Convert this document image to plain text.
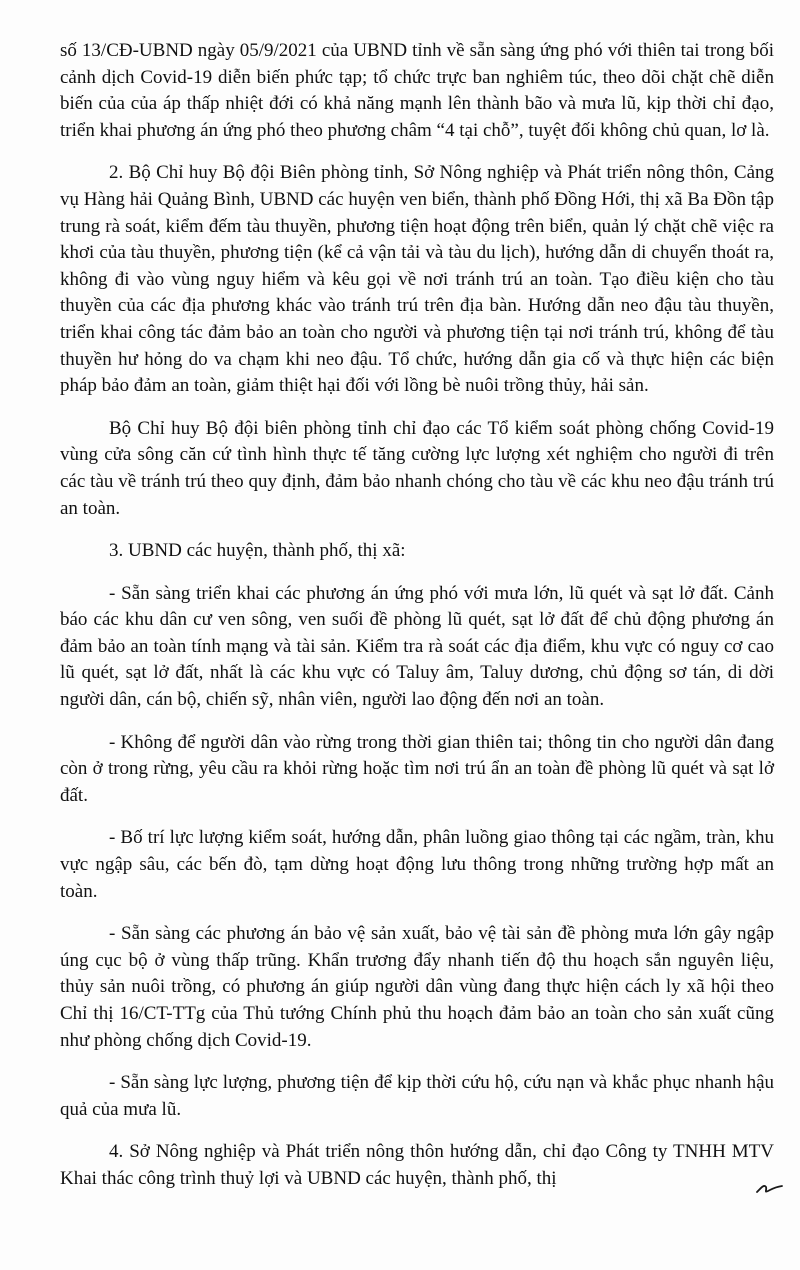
số 13/CĐ-UBND ngày 05/9/2021 của UBND tỉnh về sẵn sàng ứng phó với thiên tai trong bối cảnh dịch Covid-19 diễn biến phức tạp; tổ chức trực ban nghiêm túc, theo dõi chặt chẽ diễn biến của của áp thấp nhiệt đới có khả năng mạnh lên thành bão và mưa lũ, kịp thời chỉ đạo, triển khai phương án ứng phó theo phương châm “4 tại chỗ”, tuyệt đối không chủ quan, lơ là.

2. Bộ Chỉ huy Bộ đội Biên phòng tỉnh, Sở Nông nghiệp và Phát triển nông thôn, Cảng vụ Hàng hải Quảng Bình, UBND các huyện ven biển, thành phố Đồng Hới, thị xã Ba Đồn tập trung rà soát, kiểm đếm tàu thuyền, phương tiện hoạt động trên biển, quản lý chặt chẽ việc ra khơi của tàu thuyền, phương tiện (kể cả vận tải và tàu du lịch), hướng dẫn di chuyển thoát ra, không đi vào vùng nguy hiểm và kêu gọi về nơi tránh trú an toàn. Tạo điều kiện cho tàu thuyền của các địa phương khác vào tránh trú trên địa bàn. Hướng dẫn neo đậu tàu thuyền, triển khai công tác đảm bảo an toàn cho người và phương tiện tại nơi tránh trú, không để tàu thuyền hư hỏng do va chạm khi neo đậu. Tổ chức, hướng dẫn gia cố và thực hiện các biện pháp bảo đảm an toàn, giảm thiệt hại đối với lồng bè nuôi trồng thủy, hải sản.

Bộ Chỉ huy Bộ đội biên phòng tỉnh chỉ đạo các Tổ kiểm soát phòng chống Covid-19 vùng cửa sông căn cứ tình hình thực tế tăng cường lực lượng xét nghiệm cho người đi trên các tàu về tránh trú theo quy định, đảm bảo nhanh chóng cho tàu về các khu neo đậu tránh trú an toàn.

3. UBND các huyện, thành phố, thị xã:

- Sẵn sàng triển khai các phương án ứng phó với mưa lớn, lũ quét và sạt lở đất. Cảnh báo các khu dân cư ven sông, ven suối đề phòng lũ quét, sạt lở đất để chủ động phương án đảm bảo an toàn tính mạng và tài sản. Kiểm tra rà soát các địa điểm, khu vực có nguy cơ cao lũ quét, sạt lở đất, nhất là các khu vực có Taluy âm, Taluy dương, chủ động sơ tán, di dời người dân, cán bộ, chiến sỹ, nhân viên, người lao động đến nơi an toàn.

- Không để người dân vào rừng trong thời gian thiên tai; thông tin cho người dân đang còn ở trong rừng, yêu cầu ra khỏi rừng hoặc tìm nơi trú ẩn an toàn đề phòng lũ quét và sạt lở đất.

- Bố trí lực lượng kiểm soát, hướng dẫn, phân luồng giao thông tại các ngầm, tràn, khu vực ngập sâu, các bến đò, tạm dừng hoạt động lưu thông trong những trường hợp mất an toàn.

- Sẵn sàng các phương án bảo vệ sản xuất, bảo vệ tài sản đề phòng mưa lớn gây ngập úng cục bộ ở vùng thấp trũng. Khẩn trương đẩy nhanh tiến độ thu hoạch sắn nguyên liệu, thủy sản nuôi trồng, có phương án giúp người dân vùng đang thực hiện cách ly xã hội theo Chỉ thị 16/CT-TTg của Thủ tướng Chính phủ thu hoạch đảm bảo an toàn cho sản xuất cũng như phòng chống dịch Covid-19.

- Sẵn sàng lực lượng, phương tiện để kịp thời cứu hộ, cứu nạn và khắc phục nhanh hậu quả của mưa lũ.

4. Sở Nông nghiệp và Phát triển nông thôn hướng dẫn, chỉ đạo Công ty TNHH MTV Khai thác công trình thuỷ lợi và UBND các huyện, thành phố, thị
